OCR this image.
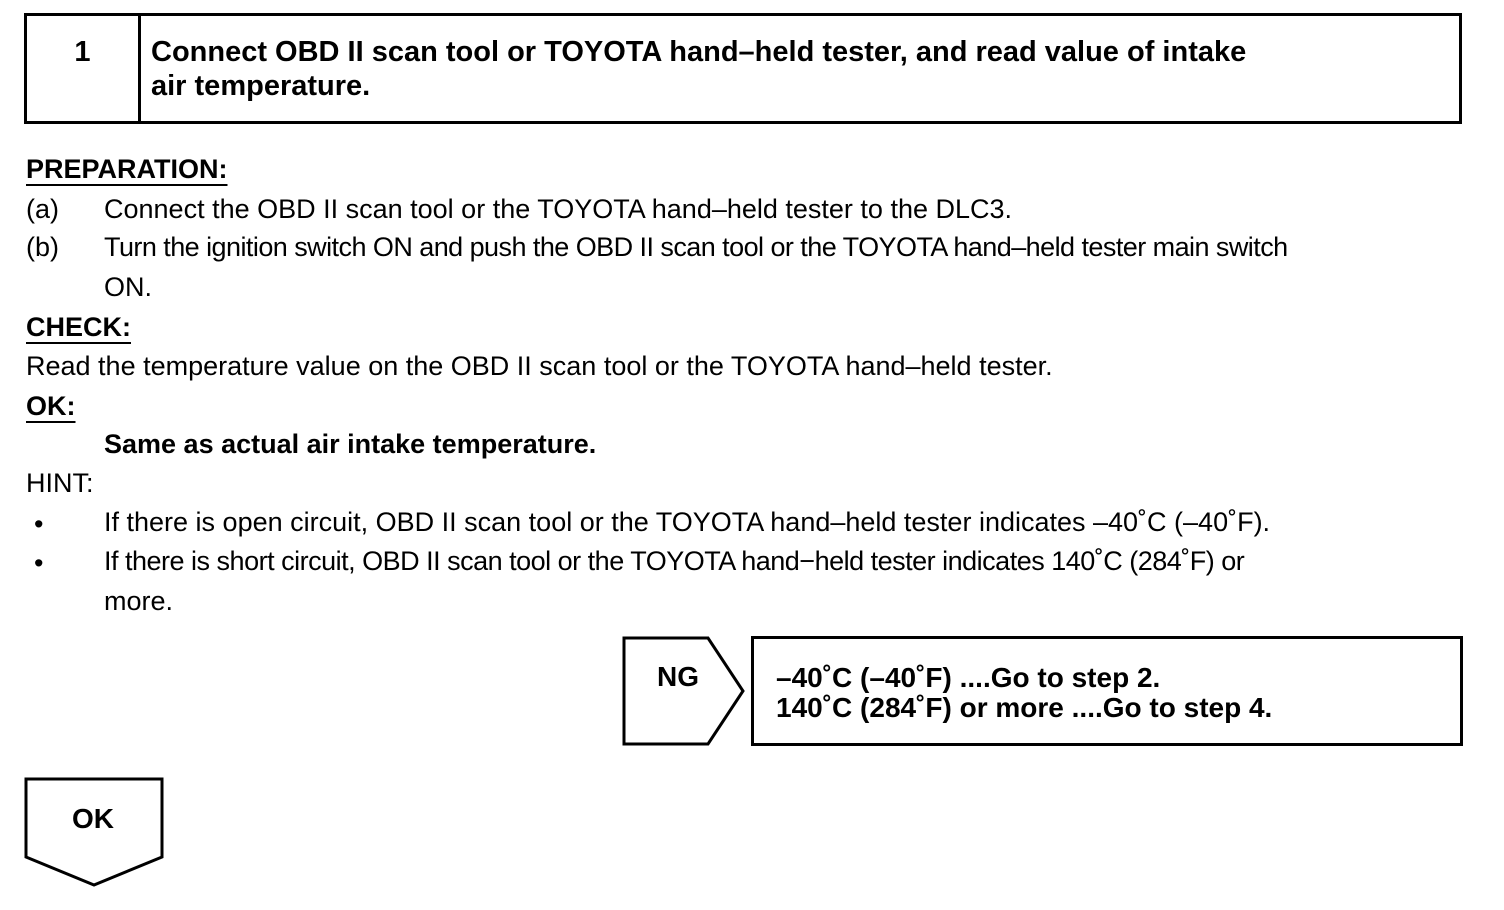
1	Connect OBD II scan tool or TOYOTA hand–held tester, and read value of intake
air temperature.
PREPARATION:
(a) Connect the OBD II scan tool or the TOYOTA hand–held tester to the DLC3.
(b) Turn the ignition switch ON and push the OBD II scan tool or the TOYOTA hand–held tester main switch
ON.
CHECK:
Read the temperature value on the OBD II scan tool or the TOYOTA hand–held tester.
OK:
Same as actual air intake temperature.
HINT:
• If there is open circuit, OBD II scan tool or the TOYOTA hand–held tester indicates –40˚C (–40˚F).
• If there is short circuit, OBD II scan tool or the TOYOTA hand−held tester indicates 140˚C (284˚F) or
more.
NG	–40˚C (–40˚F) ....Go to step 2.
140˚C (284˚F) or more ....Go to step 4.
OK
